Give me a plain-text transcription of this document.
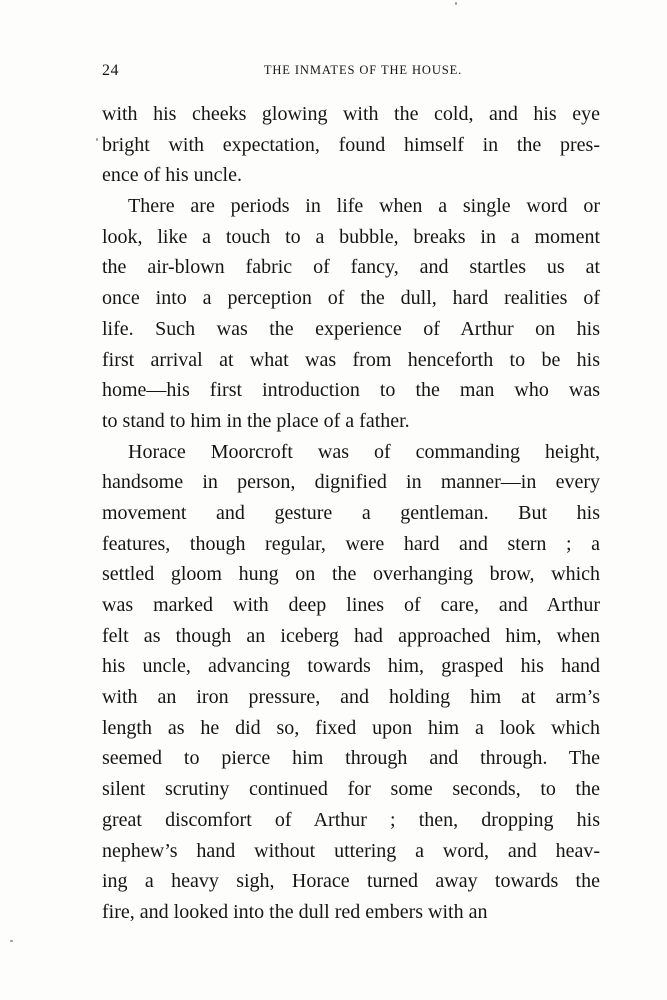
24	THE INMATES OF THE HOUSE.
with his cheeks glowing with the cold, and his eye
bright with expectation, found himself in the pres-
ence of his uncle.
There are periods in life when a single word or
look, like a touch to a bubble, breaks in a moment
the air-blown fabric of fancy, and startles us at
once into a perception of the dull, hard realities of
life. Such was the experience of Arthur on his
first arrival at what was from henceforth to be his
home—his first introduction to the man who was
to stand to him in the place of a father.
Horace Moorcroft was of commanding height,
handsome in person, dignified in manner—in every
movement and gesture a gentleman. But his
features, though regular, were hard and stern ; a
settled gloom hung on the overhanging brow, which
was marked with deep lines of care, and Arthur
felt as though an iceberg had approached him, when
his uncle, advancing towards him, grasped his hand
with an iron pressure, and holding him at arm’s
length as he did so, fixed upon him a look which
seemed to pierce him through and through. The
silent scrutiny continued for some seconds, to the
great discomfort of Arthur ; then, dropping his
nephew’s hand without uttering a word, and heav-
ing a heavy sigh, Horace turned away towards the
fire, and looked into the dull red embers with an
